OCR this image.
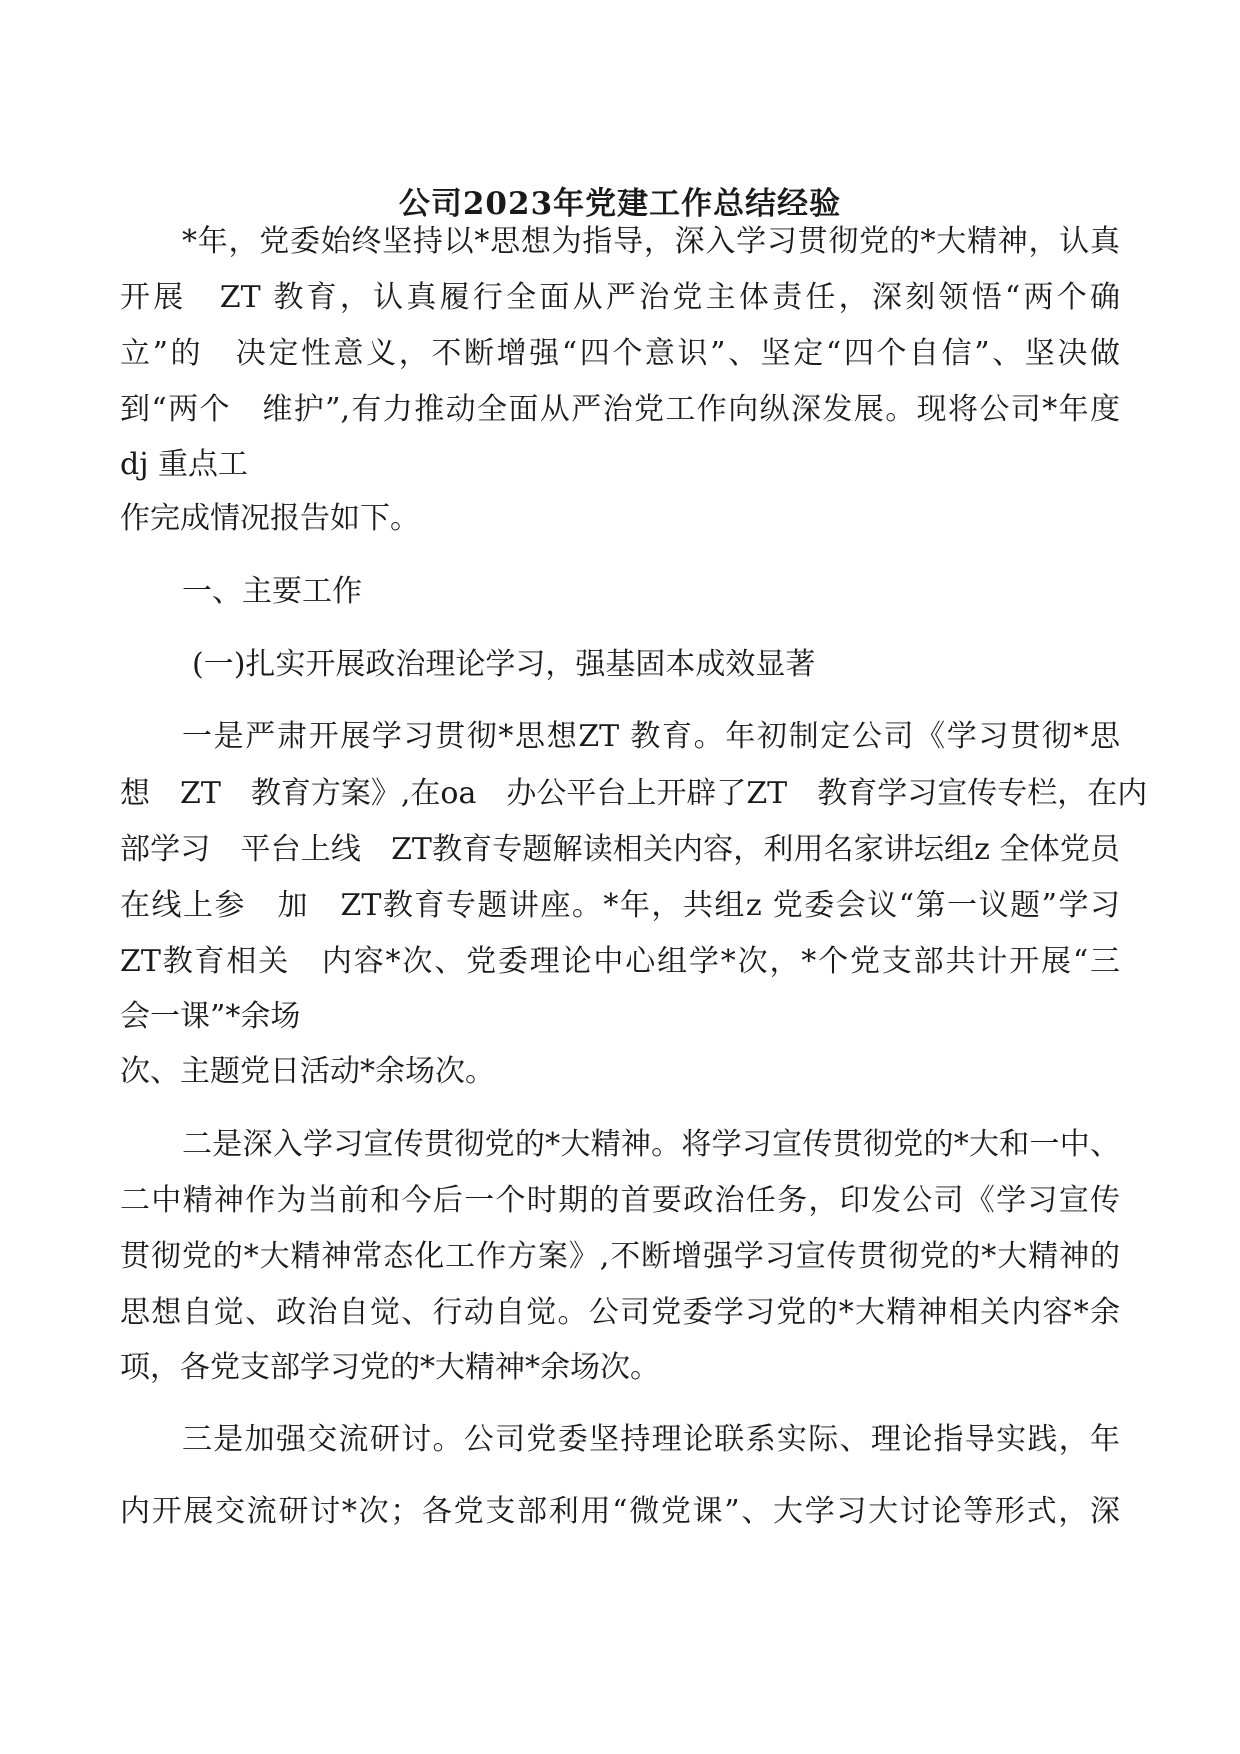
公司2023年党建工作总结经验
*年，党委始终坚持以*思想为指导，深入学习贯彻党的*大精神，认真
开展　ZT 教育，认真履行全面从严治党主体责任，深刻领悟“两个确
立”的　决定性意义，不断增强“四个意识”、坚定“四个自信”、坚决做
到“两个　维护”,有力推动全面从严治党工作向纵深发展。现将公司*年度
dj 重点工
作完成情况报告如下。
一、主要工作
(一)扎实开展政治理论学习，强基固本成效显著
一是严肃开展学习贯彻*思想ZT 教育。年初制定公司《学习贯彻*思
想　ZT　教育方案》,在oa　办公平台上开辟了ZT　教育学习宣传专栏，在内
部学习　平台上线　ZT教育专题解读相关内容，利用名家讲坛组z 全体党员
在线上参　加　ZT教育专题讲座。*年，共组z 党委会议“第一议题”学习
ZT教育相关　内容*次、党委理论中心组学*次，*个党支部共计开展“三
会一课”*余场
次、主题党日活动*余场次。
二是深入学习宣传贯彻党的*大精神。将学习宣传贯彻党的*大和一中、
二中精神作为当前和今后一个时期的首要政治任务，印发公司《学习宣传
贯彻党的*大精神常态化工作方案》,不断增强学习宣传贯彻党的*大精神的
思想自觉、政治自觉、行动自觉。公司党委学习党的*大精神相关内容*余
项，各党支部学习党的*大精神*余场次。
三是加强交流研讨。公司党委坚持理论联系实际、理论指导实践，年
内开展交流研讨*次；各党支部利用“微党课”、大学习大讨论等形式，深
